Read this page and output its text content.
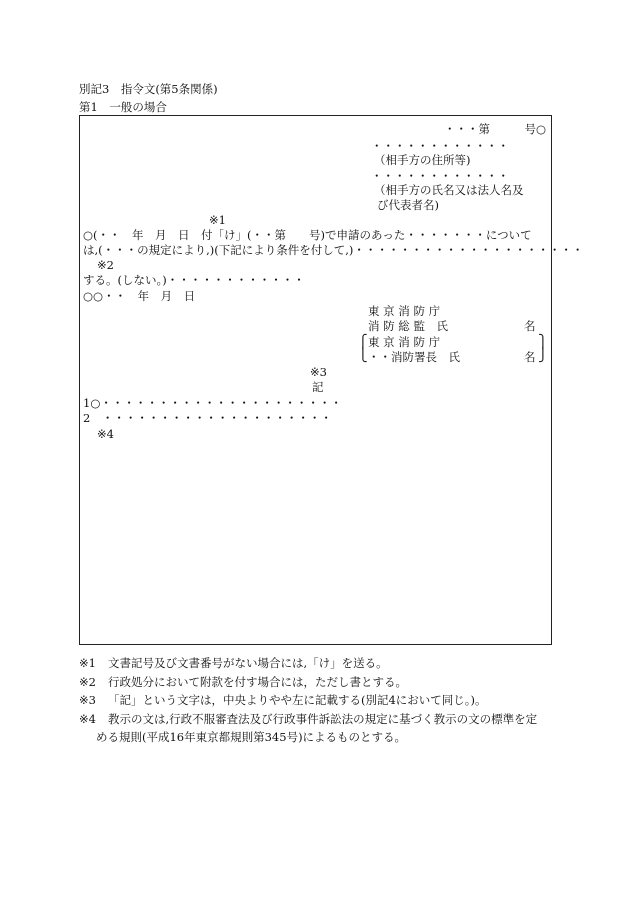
別記3　指令文(第5条関係)
第1　一般の場合
・・・第　　　号○
・・・・・・・・・・・・
（相手方の住所等)
・・・・・・・・・・・・
（相手方の氏名又は法人名及
び代表者名)
※1
○(・・　年　月　日　付「け」(・・第　　号)で申請のあった・・・・・・・について
は,(・・・の規定により,)(下記により条件を付して,)・・・・・・・・・・・・・・・・・・・・
※2
する。(しない。)・・・・・・・・・・・・
○○・・　年　月　日
東 京 消 防 庁
消 防 総 監　氏	名
⎧
⎩
東 京 消 防 庁
・・消防署長　氏	名
⎫
⎭
※3
記
1○・・・・・・・・・・・・・・・・・・・・・
2　・・・・・・・・・・・・・・・・・・・・
※4
※1 文書記号及び文書番号がない場合には,「け」を送る。
※2 行政処分において附款を付す場合には，ただし書とする。
※3 「記」という文字は，中央よりやや左に記載する(別記4において同じ。)。
※4 教示の文は,行政不服審査法及び行政事件訴訟法の規定に基づく教示の文の標準を定
める規則(平成16年東京都規則第345号)によるものとする。
